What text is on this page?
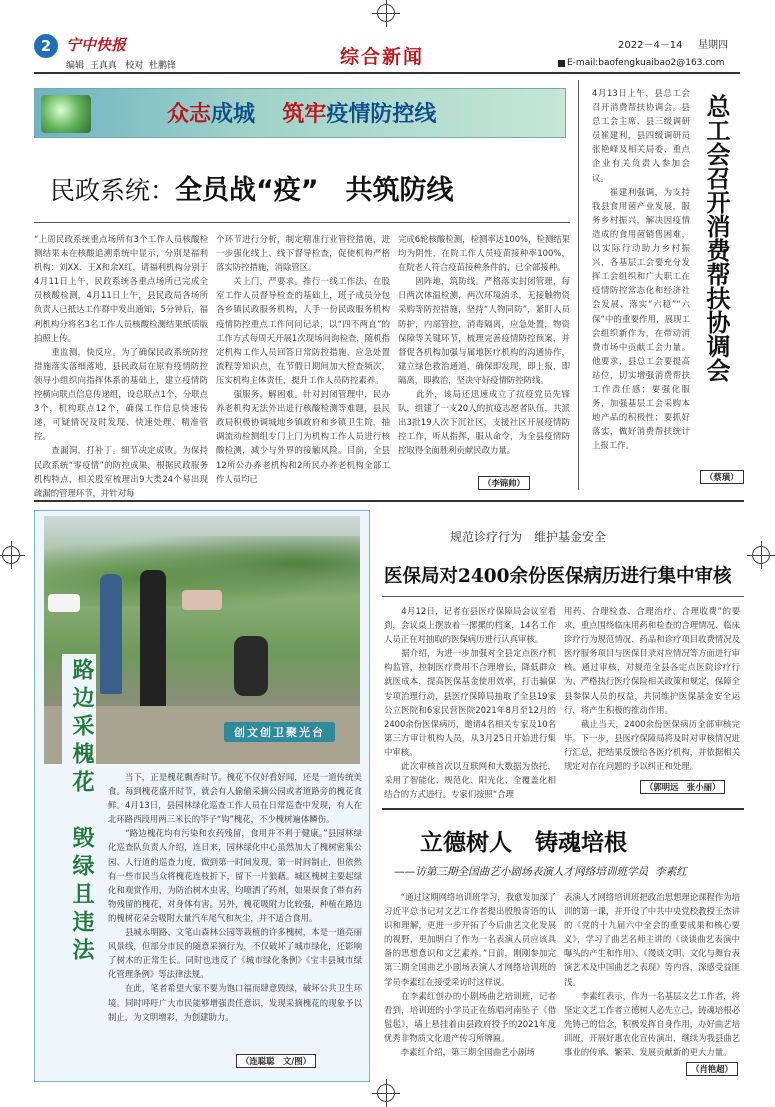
2 宁中快报
编辑  王真真   校对  杜鹏锋	综合新闻
2022－4－14 星期四
E-mail:baofengkuaibao2@163.com
众志成城 筑牢疫情防控线
民政系统：全员战“疫”　共筑防线
“上周民政系统重点场所有3个工作人员核酸检测结果未在核酸追溯系统中显示，分别是福利机构：刘XX、王X和余X红，请福利机构分别于4月11日上午，民政系统各重点场所已完成全员核酸检测，4月11日上午，县民政局各场所负责人已抵达工作群中发出通知，5分钟后，福利机构分将名3名工作人员核酸检测结果纸质版拍照上传。
　　重监测，快反应。为了确保民政系统防控措施落实落细落地，县民政局在原有疫情防控领导小组织向指挥体系的基础上，建立疫情防控横向联点信息传递组，设总联点1个，分联点3个，机构联点12个，确保工作信息快速传递，可疑情况及时发现、快速处理、精准管控。
　　查漏洞，打补丁。细节决定成败。为保持民政系统“零疫情”的防控成果，根据民政服务机构特点，相关股室梳理出9大类24个易出现疏漏的管理环节，并针对每
个环节进行分析，制定精准行业管控措施，进一步强化线上、线下督导检查，促使机构严格落实防控措施，消除管区。
　　关上门，严要求。推行一线工作法，在股室工作人员督导检查的基础上，班子成员分包各乡镇民政服务机构，人手一份民政服务机构疫情防控重点工作问问记录，以“四不两直”的工作方式每周天开展1次现场问询检查，随机指定机构工作人员回答日常防控措施，应急处置流程等知识点，在节假日期间加大检查频次，压实机构主体责任，提升工作人员防控素养。
　　强服务，解困难。针对封闭管理中，民办养老机构无法外出进行核酸检测等难题，县民政局积极协调城地乡镇政府和乡镇卫生院，抽调流动检测组专门上门为机构工作人员进行核酸检测，减少与外界的接触风险。目前，全县12所公办养老机构和2所民办养老机构全部工作人员均已
完成6轮核酸检测，检测率达100%，检测结果均为阴性，在院工作人员疫苗接种率100%，在院老人符合疫苗接种条件的，已全部接种。
　　固阵地，筑防线。严格落实封闭管理，每日两次体温检测，两次环境消杀，无接触物资采购等防控措施，坚持“人物同防”，紧盯人员防护，内部管控，消毒隔离，应急处置，物资保障等关键环节，梳理完善疫情防控预案，并督促各机构加强与属地医疗机构的沟通协作，建立绿色救治通道，确保即发现，即上报，即隔离，即救治，坚决守好疫情防控防线。
　　此外，该局还迅速成立了抗疫党员先锋队，组建了一支20人的抗疫志愿者队伍，共派出3批19人次下沉社区，支援社区开展疫情防控工作，听从指挥，服从命令，为全县疫情防控取得全面胜利贡献民政力量。
（李锦帅）
总工会召开消费帮扶协调会
4月13日上午，县总工会召开消费帮扶协调会。县总工会主席、县三级调研员崔建利，县四级调研员张艳峰及相关局委、重点企业有关负责人参加会议。
　　崔建利强调，为支持我县食用菌产业发展，服务乡村振兴，解决因疫情造成的食用菌销售困难，以实际行动助力乡村振兴，各基层工会要充分发挥工会组织和广大职工在疫情防控常态化和经济社会发展、落实“六稳”“六保”中的重要作用，展现工会组织新作为，在带动消费市场中贡献工会力量。他要求，县总工会要提高站位，切实增强消费帮扶工作责任感；要强化服务，加强基层工会采购本地产品的积极性；要抓好落实，做好消费帮扶统计上报工作。
（蔡璜）
创文创卫聚光台
路边采槐花　毁绿且违法	　　当下，正是槐花飘香时节。槐花不仅好看好闻，还是一道传统美食。每到槐花盛开时节，就会有人偷偷采摘公园或者道路旁的槐花食鲜。4月13日，县园林绿化巡查工作人员在日常巡查中发现，有人在北环路西段用两三米长的竿子“钩”槐花，不少槐树遍体鳞伤。
　　“路边槐花均有污染和农药残留，食用并不利于健康。”县园林绿化巡查队负责人介绍，连日来，园林绿化中心虽然加大了槐树密集公园、人行道的巡查力度，做到第一时间发现，第一时间制止，但依然有一些市民当众将槐花连枝折下，留下一片狼藉。城区槐树主要起绿化和观赏作用，为防治树木虫害，均喷洒了药剂，如果误食了带有药物残留的槐花，对身体有害。另外，槐花吸附力比较强，种植在路边的槐树花朵会吸附大量汽车尾气和灰尘，并不适合食用。
　　县城永明路、文笔山森林公园等栽植的许多槐树，本是一道亮丽风景线，但部分市民的随意采摘行为，不仅破坏了城市绿化，还影响了树木的正常生长。同时也违反了《城市绿化条例》《宝丰县城市绿化管理条例》等法律法规。
　　在此，笔者希望大家不要为饱口福而肆意毁绿，破坏公共卫生环境。同时呼吁广大市民能够增强责任意识，发现采摘槐花的现象予以制止，为文明增彩，为创建助力。
（连聪聪　文/图）
规范诊疗行为　维护基金安全
医保局对2400余份医保病历进行集中审核
　　4月12日，记者在县医疗保障局会议室看到，会议桌上摆放着一摞摞的档案，14名工作人员正在对抽取的医保病历进行认真审核。
　　据介绍，为进一步加强对全县定点医疗机构监管，控制医疗费用不合理增长，降低群众就医成本，提高医保基金使用效率，打击骗保专项治理行动，县医疗保障局抽取了全县19家公立医院和6家民营医院2021年8月至12月的2400余份医保病历，邀请4名相关专家及10名第三方审计机构人员，从3月25日开始进行集中审核。
　　此次审核首次以互联网和大数据为依托，采用了智能化、规范化、阳光化、全覆盖化相结合的方式进行。专家们按照“合理
用药、合理检查、合理治疗、合理收费”的要求，重点围绕临床用药和检查的合理情况、临床诊疗行为规范情况、药品和诊疗项目收费情况及医疗服务项目与医保目录对应情况等方面进行审核。通过审核，对规范全县各定点医院诊疗行为、严格执行医疗保险相关政策和规定，保障全县参保人员的权益，共同维护医保基金安全运行，将产生积极的推动作用。
　　截止当天，2400余份医保病历全部审核完毕。下一步，县医疗保障局将及时对审核情况进行汇总，把结果反馈给各医疗机构，并依据相关规定对存在问题的予以纠正和处理。
（郭明远　张小丽）
立德树人　铸魂培根
——访第三期全国曲艺小剧场表演人才网络培训班学员  李素红
　　“通过这期网络培训班学习，我愈发加深了习近平总书记对文艺工作者提出殷殷寄语的认识和理解，更进一步开拓了今后曲艺文化发展的视野，更加明白了作为一名表演人员应该具备的思想意识和文艺素养。”日前，刚刚参加完第三期全国曲艺小剧场表演人才网络培训班的学员李素红在接受采访时这样说。
　　在李素红创办的小剧场曲艺培训班，记者看到，培训班的小学员正在练唱河南坠子《借髢髢》，墙上悬挂着由县政府授予的2021年度优秀非物质文化遗产传习所牌匾。
　　李素红介绍，第三期全国曲艺小剧场
表演人才网络培训班把政治思想理论课程作为培训的第一课，并开设了中共中央党校教授王杰讲的《党的十九届六中全会的重要成果和核心要义》，学习了曲艺名师主讲的《谈谈曲艺表演中曝头的产生和作用》、《漫谈文明、文化与舞台表演艺术及中国曲艺之表现》等内容，深感受益匪浅。
　　李素红表示，作为一名基层文艺工作者，将坚定文艺工作者立德树人必先立己，铸魂培根必先铸己的信念，积极发挥自身作用，办好曲艺培训班，开展好惠农化宣传演出，继续为我县曲艺事业的传承、繁荣、发展贡献新的更大力量。
（肖艳超）
